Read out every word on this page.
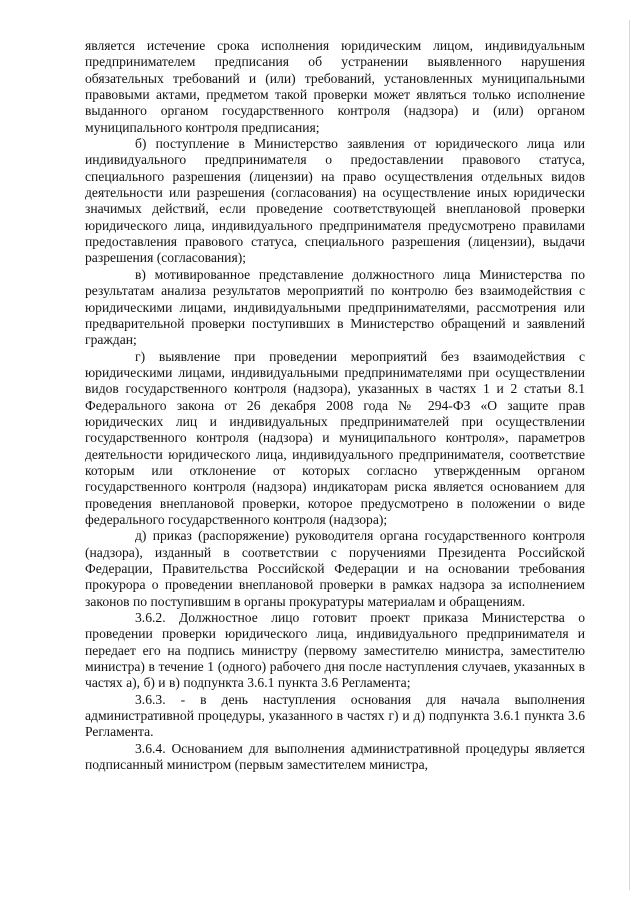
является истечение срока исполнения юридическим лицом, индивидуальным предпринимателем предписания об устранении выявленного нарушения обязательных требований и (или) требований, установленных муниципальными правовыми актами, предметом такой проверки может являться только исполнение выданного органом государственного контроля (надзора) и (или) органом муниципального контроля предписания;

б) поступление в Министерство заявления от юридического лица или индивидуального предпринимателя о предоставлении правового статуса, специального разрешения (лицензии) на право осуществления отдельных видов деятельности или разрешения (согласования) на осуществление иных юридически значимых действий, если проведение соответствующей внеплановой проверки юридического лица, индивидуального предпринимателя предусмотрено правилами предоставления правового статуса, специального разрешения (лицензии), выдачи разрешения (согласования);

в) мотивированное представление должностного лица Министерства по результатам анализа результатов мероприятий по контролю без взаимодействия с юридическими лицами, индивидуальными предпринимателями, рассмотрения или предварительной проверки поступивших в Министерство обращений и заявлений граждан;

г) выявление при проведении мероприятий без взаимодействия с юридическими лицами, индивидуальными предпринимателями при осуществлении видов государственного контроля (надзора), указанных в частях 1 и 2 статьи 8.1 Федерального закона от 26 декабря 2008 года № 294-ФЗ «О защите прав юридических лиц и индивидуальных предпринимателей при осуществлении государственного контроля (надзора) и муниципального контроля», параметров деятельности юридического лица, индивидуального предпринимателя, соответствие которым или отклонение от которых согласно утвержденным органом государственного контроля (надзора) индикаторам риска является основанием для проведения внеплановой проверки, которое предусмотрено в положении о виде федерального государственного контроля (надзора);

д) приказ (распоряжение) руководителя органа государственного контроля (надзора), изданный в соответствии с поручениями Президента Российской Федерации, Правительства Российской Федерации и на основании требования прокурора о проведении внеплановой проверки в рамках надзора за исполнением законов по поступившим в органы прокуратуры материалам и обращениям.

3.6.2. Должностное лицо готовит проект приказа Министерства о проведении проверки юридического лица, индивидуального предпринимателя и передает его на подпись министру (первому заместителю министра, заместителю министра) в течение 1 (одного) рабочего дня после наступления случаев, указанных в частях а), б) и в) подпункта 3.6.1 пункта 3.6 Регламента;

3.6.3. - в день наступления основания для начала выполнения административной процедуры, указанного в частях г) и д) подпункта 3.6.1 пункта 3.6 Регламента.

3.6.4. Основанием для выполнения административной процедуры является подписанный министром (первым заместителем министра,
